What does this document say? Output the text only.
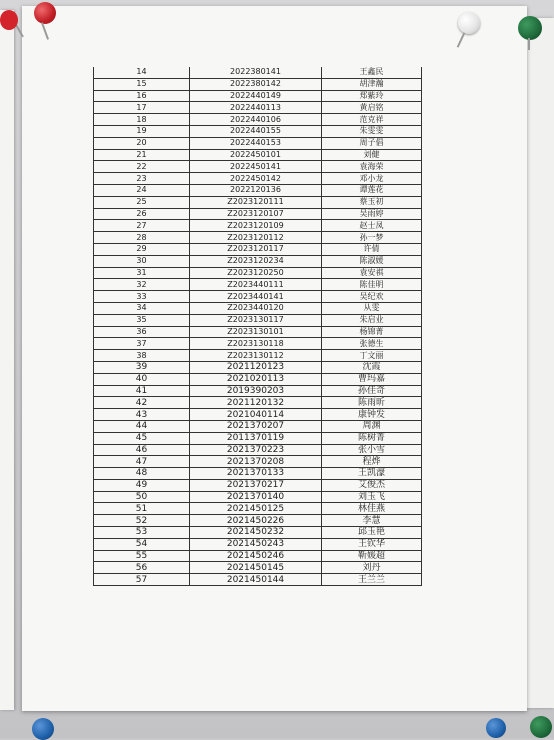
14	2022380141	王鑫民
15	2022380142	胡津瀚
16	2022440149	郑紫玲
17	2022440113	黄启铭
18	2022440106	范克祥
19	2022440155	朱雯雯
20	2022440153	周子倡
21	2022450101	刘健
22	2022450141	袁海荣
23	2022450142	邓小龙
24	2022120136	谭莲花
25	Z2023120111	蔡玉初
26	Z2023120107	吴雨婷
27	Z2023120109	赵士凤
28	Z2023120112	孙一梦
29	Z2023120117	许倩
30	Z2023120234	陈淑媛
31	Z2023120250	袁安祺
32	Z2023440111	陈佳明
33	Z2023440141	吴纪欢
34	Z2023440120	从雯
35	Z2023130117	朱启业
36	Z2023130101	杨锦菁
37	Z2023130118	张德生
38	Z2023130112	丁文丽
39	2021120123	沈霞
40	2021020113	曹玛嘉
41	2019390203	孙佳奇
42	2021120132	陈雨昕
43	2021040114	康钟发
44	2021370207	周渊
45	2011370119	陈树菁
46	2021370223	张小雪
47	2021370208	程烨
48	2021370133	王凯濠
49	2021370217	艾俊杰
50	2021370140	刘玉飞
51	2021450125	林佳燕
52	2021450226	李慧
53	2021450232	邱玉艳
54	2021450243	王钦华
55	2021450246	靳媛超
56	2021450145	刘丹
57	2021450144	王兰兰
